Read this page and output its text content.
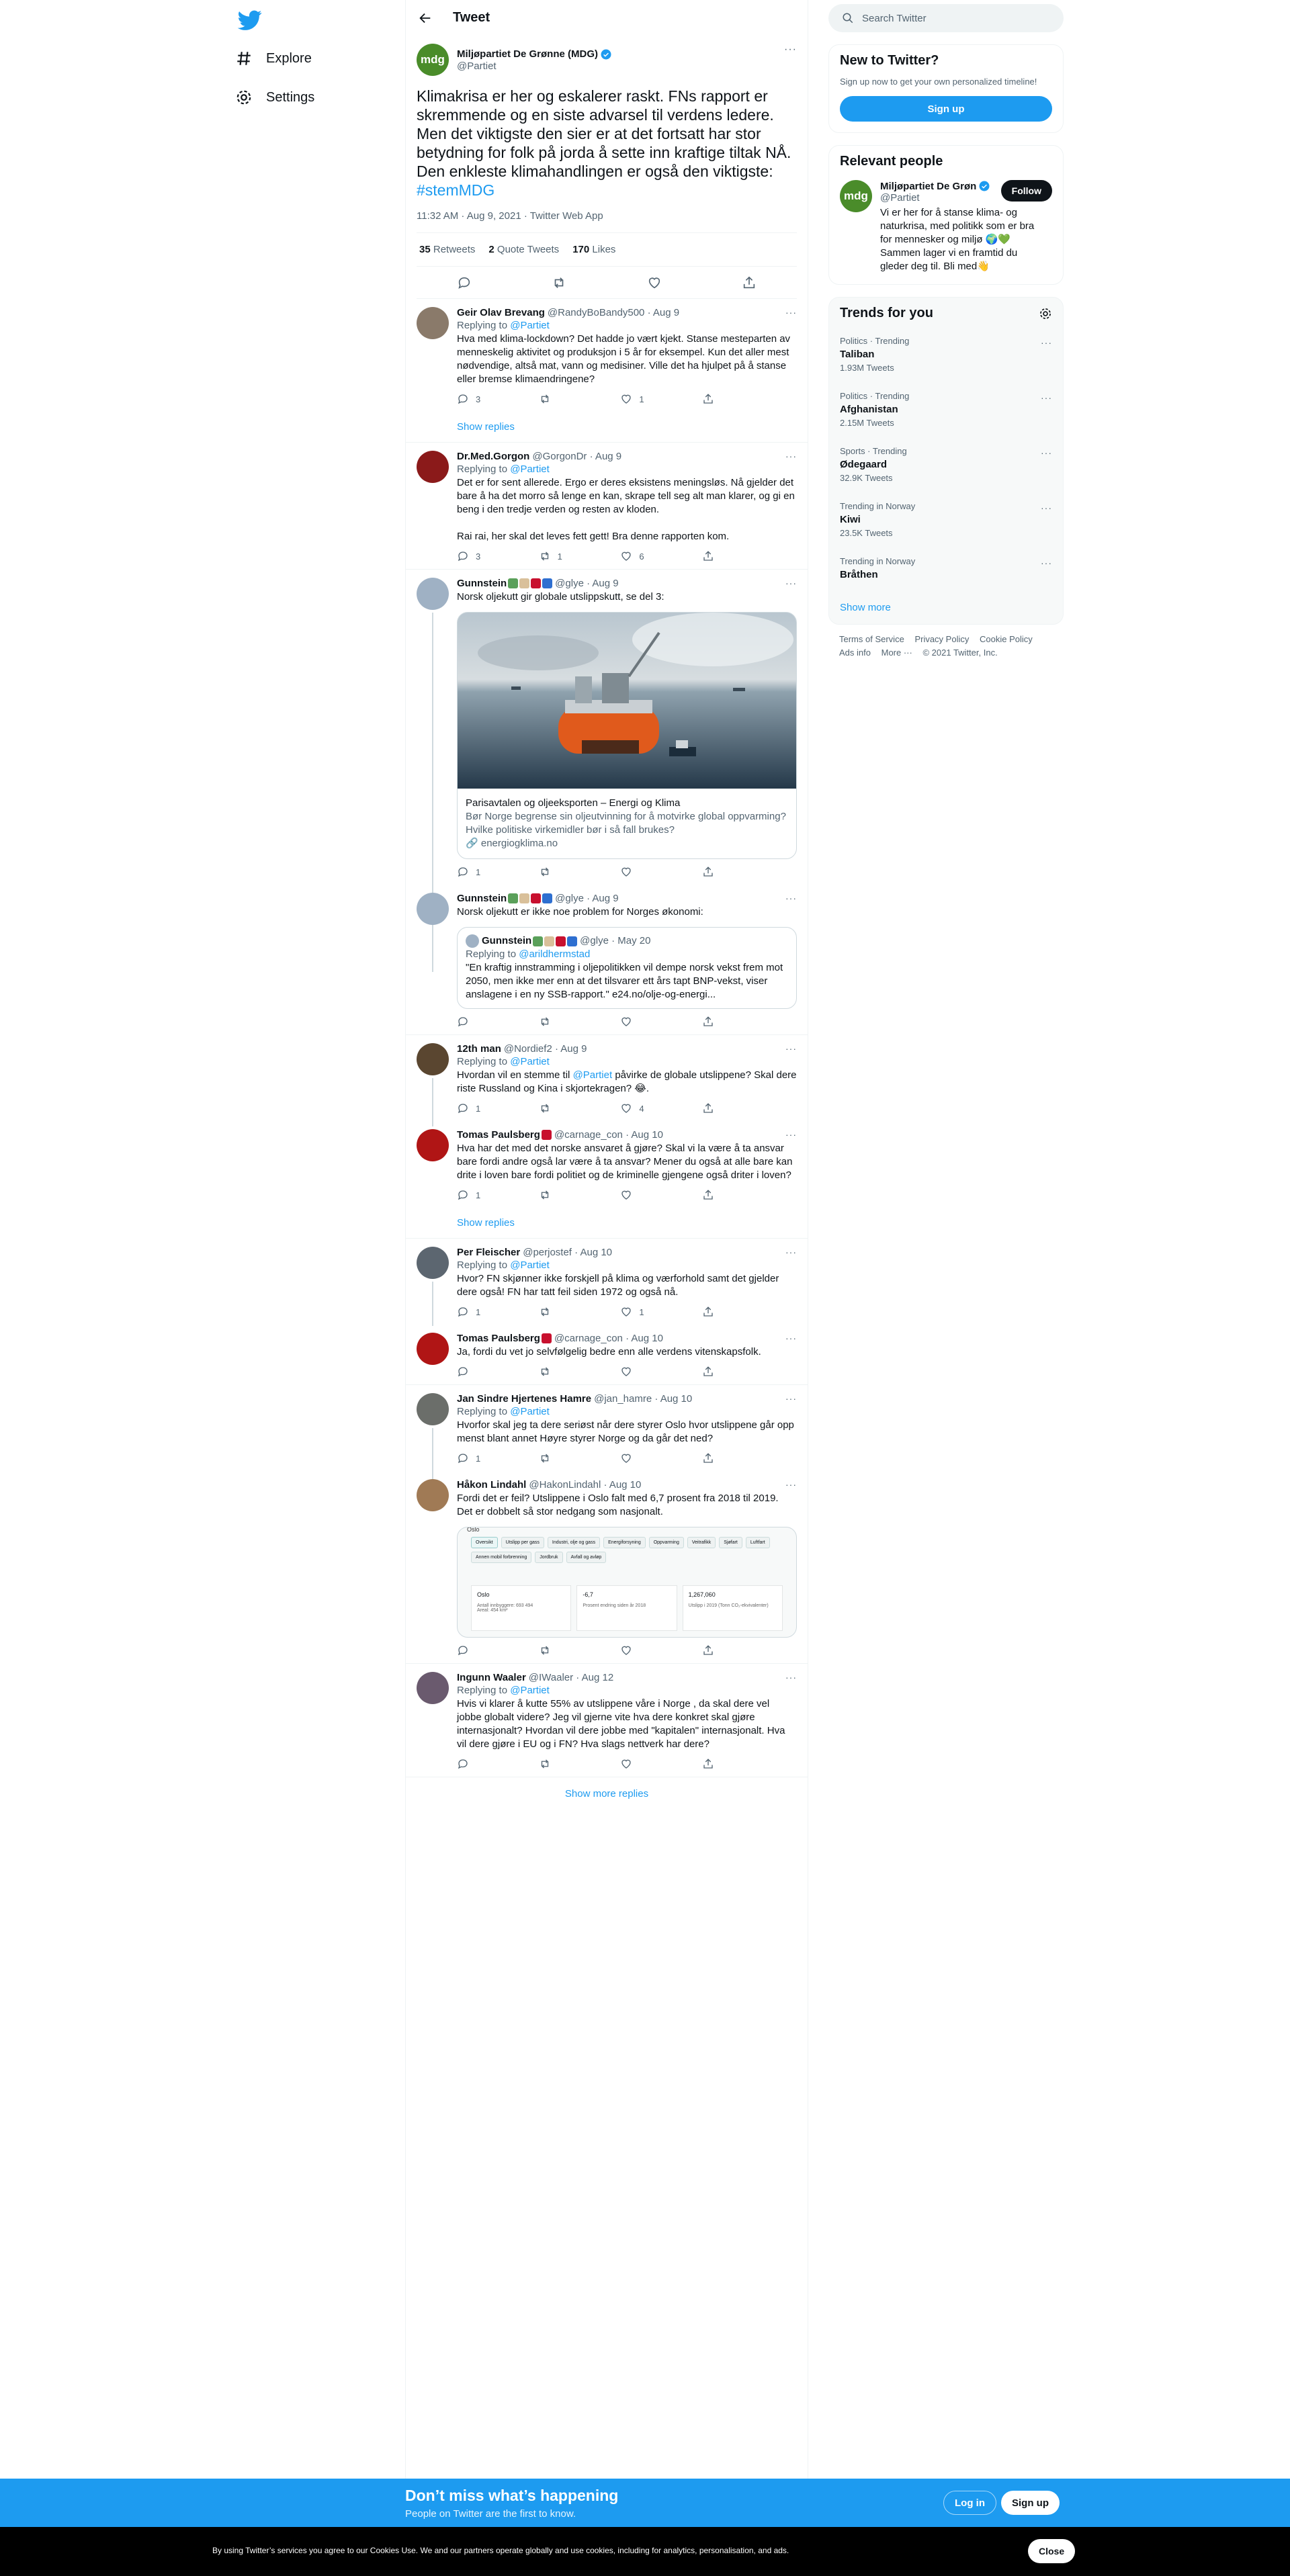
Explore
Settings
Tweet
mdg Miljøpartiet De Grønne (MDG)
@Partiet
···
Klimakrisa er her og eskalerer raskt. FNs rapport er skremmende og en siste advarsel til verdens ledere. Men det viktigste den sier er at det fortsatt har stor betydning for folk på jorda å sette inn kraftige tiltak NÅ. Den enkleste klimahandlingen er også den viktigste:
#stemMDG
11:32 AM · Aug 9, 2021 · Twitter Web App
35 Retweets 2 Quote Tweets 170 Likes
Geir Olav Brevang @RandyBoBandy500 · Aug 9	···
Replying to @Partiet
Hva med klima-lockdown? Det hadde jo vært kjekt. Stanse mesteparten av menneskelig aktivitet og produksjon i 5 år for eksempel. Kun det aller mest nødvendige, altså mat, vann og medisiner. Ville det ha hjulpet på å stanse eller bremse klimaendringene?
3	1
Show replies
Dr.Med.Gorgon @GorgonDr · Aug 9	···
Replying to @Partiet
Det er for sent allerede. Ergo er deres eksistens meningsløs. Nå gjelder det bare å ha det morro så lenge en kan, skrape tell seg alt man klarer, og gi en beng i den tredje verden og resten av kloden.

Rai rai, her skal det leves fett gett! Bra denne rapporten kom.
3	1	6
Gunnstein	@glye · Aug 9	···
Norsk oljekutt gir globale utslippskutt, se del 3:
Parisavtalen og oljeeksporten – Energi og Klima
Bør Norge begrense sin oljeutvinning for å motvirke global oppvarming? Hvilke politiske virkemidler bør i så fall brukes?
🔗 energiogklima.no
1
Gunnstein	@glye · Aug 9	···
Norsk oljekutt er ikke noe problem for Norges økonomi:
Gunnstein	@glye · May 20
Replying to @arildhermstad
"En kraftig innstramming i oljepolitikken vil dempe norsk vekst frem mot 2050, men ikke mer enn at det tilsvarer ett års tapt BNP-vekst, viser anslagene i en ny SSB-rapport." e24.no/olje-og-energi...
12th man @Nordief2 · Aug 9	···
Replying to @Partiet
Hvordan vil en stemme til @Partiet påvirke de globale utslippene? Skal dere riste Russland og Kina i skjortekragen? 😂.
1	4
Tomas Paulsberg @carnage_con · Aug 10	···
Hva har det med det norske ansvaret å gjøre? Skal vi la være å ta ansvar bare fordi andre også lar være å ta ansvar? Mener du også at alle bare kan drite i loven bare fordi politiet og de kriminelle gjengene også driter i loven?
1
Show replies
Per Fleischer @perjostef · Aug 10	···
Replying to @Partiet
Hvor? FN skjønner ikke forskjell på klima og værforhold samt det gjelder dere også! FN har tatt feil siden 1972 og også nå.
1	1
Tomas Paulsberg @carnage_con · Aug 10	···
Ja, fordi du vet jo selvfølgelig bedre enn alle verdens vitenskapsfolk.
Jan Sindre Hjertenes Hamre @jan_hamre · Aug 10	···
Replying to @Partiet
Hvorfor skal jeg ta dere seriøst når dere styrer Oslo hvor utslippene går opp menst blant annet Høyre styrer Norge og da går det ned?
1
Håkon Lindahl @HakonLindahl · Aug 10	···
Fordi det er feil? Utslippene i Oslo falt med 6,7 prosent fra 2018 til 2019. Det er dobbelt så stor nedgang som nasjonalt.
Oslo
Oversikt	Utslipp per gass	Industri, olje og gass	Energiforsyning	Oppvarming	Veitrafikk	Sjøfart	Luftfart
Annen mobil forbrenning	Jordbruk	Avfall og avløp
Oslo
Antall innbyggere: 693 494
Areal: 454 km²
-6,7
Prosent endring siden år 2018
1,267,060
Utslipp i 2019 (Tonn CO₂-ekvivalenter)
Ingunn Waaler @IWaaler · Aug 12	···
Replying to @Partiet
Hvis vi klarer å kutte 55% av utslippene våre i Norge , da skal dere vel jobbe globalt videre? Jeg vil gjerne vite hva dere konkret skal gjøre internasjonalt? Hvordan vil dere jobbe med "kapitalen" internasjonalt. Hva vil dere gjøre i EU og i FN? Hva slags nettverk har dere?
Show more replies
Search Twitter
New to Twitter?
Sign up now to get your own personalized timeline!
Sign up
Relevant people
mdg
Miljøpartiet De Grøn
@Partiet
Vi er her for å stanse klima- og naturkrisa, med politikk som er bra for mennesker og miljø 🌍💚 Sammen lager vi en framtid du gleder deg til. Bli med👋
Follow
Trends for you
Politics · Trending
Taliban
1.93M Tweets
···
Politics · Trending
Afghanistan
2.15M Tweets
···
Sports · Trending
Ødegaard
32.9K Tweets
···
Trending in Norway
Kiwi
23.5K Tweets
···
Trending in Norway
Bråthen
···
Show more
Terms of Service Privacy Policy Cookie Policy
Ads info More ··· © 2021 Twitter, Inc.
Don’t miss what’s happening
People on Twitter are the first to know.
Log in	Sign up
By using Twitter’s services you agree to our Cookies Use. We and our partners operate globally and use cookies, including for analytics, personalisation, and ads.	Close
